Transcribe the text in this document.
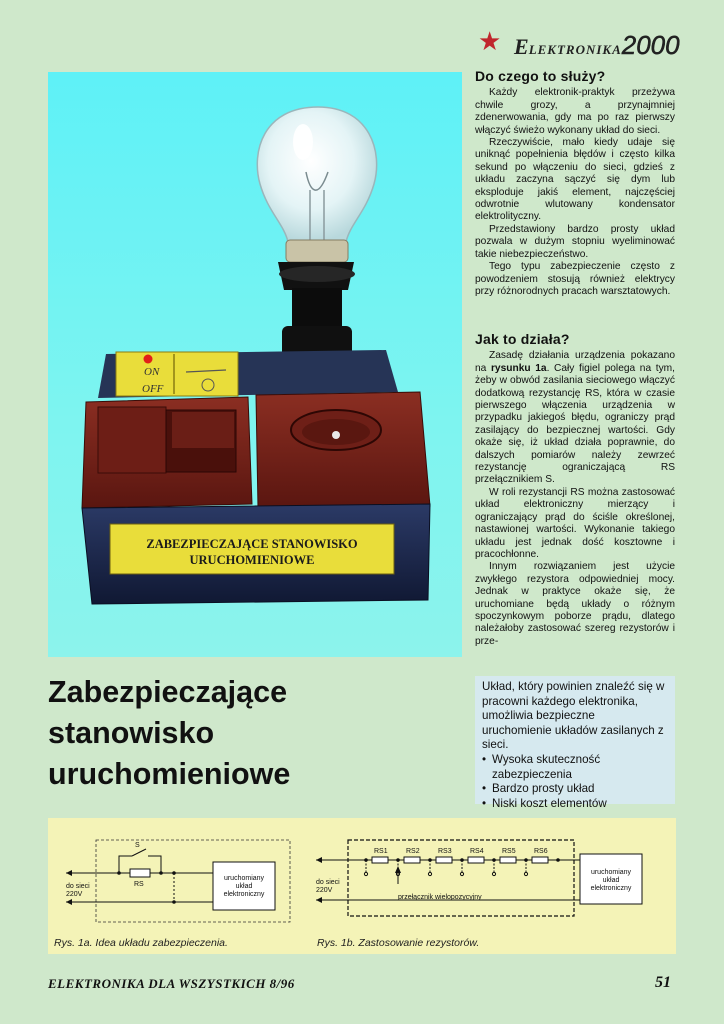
★ ELEKTRONIKA2000
ON
OFF
ZABEZPIECZAJĄCE STANOWISKO
URUCHOMIENIOWE
Do czego to służy?

Każdy elektronik-praktyk przeżywa chwile grozy, a przynajmniej zdenerwowania, gdy ma po raz pierwszy włączyć świeżo wykonany układ do sieci.

Rzeczywiście, mało kiedy udaje się uniknąć popełnienia błędów i często kilka sekund po włączeniu do sieci, gdzieś z układu zaczyna sączyć się dym lub eksploduje jakiś element, najczęściej odwrotnie wlutowany kondensator elektrolityczny.

Przedstawiony bardzo prosty układ pozwala w dużym stopniu wyeliminować takie niebezpieczeństwo.

Tego typu zabezpieczenie często z powodzeniem stosują również elektrycy przy różnorodnych pracach warsztatowych.

Jak to działa?

Zasadę działania urządzenia pokazano na rysunku 1a. Cały figiel polega na tym, żeby w obwód zasilania sieciowego włączyć dodatkową rezystancję RS, która w czasie pierwszego włączenia urządzenia w przypadku jakiegoś błędu, ograniczy prąd zasilający do bezpiecznej wartości. Gdy okaże się, iż układ działa poprawnie, do dalszych pomiarów należy zewrzeć rezystancję ograniczającą RS przełącznikiem S.

W roli rezystancji RS można zastosować układ elektroniczny mierzący i ograniczający prąd do ściśle określonej, nastawionej wartości. Wykonanie takiego układu jest jednak dość kosztowne i pracochłonne.

Innym rozwiązaniem jest użycie zwykłego rezystora odpowiedniej mocy. Jednak w praktyce okaże się, że uruchomiane będą układy o różnym spoczynkowym poborze prądu, dlatego należałoby zastosować szereg rezystorów i prze-

Zabezpieczające
stanowisko
uruchomieniowe
Układ, który powinien znaleźć się w pracowni każdego elektronika, umożliwia bezpieczne uruchomienie układów zasilanych z sieci.
• Wysoka skuteczność zabezpieczenia
• Bardzo prosty układ
• Niski koszt elementów
S
RS
do sieci
220V
uruchomiany
układ
elektroniczny
RS1	RS2	RS3	RS4	RS5	RS6
do sieci
220V
przełącznik wielopozycyjny
uruchomiany
układ
elektroniczny
Rys. 1a. Idea układu zabezpieczenia.	Rys. 1b. Zastosowanie rezystorów.
ELEKTRONIKA DLA WSZYSTKICH 8/96	51
